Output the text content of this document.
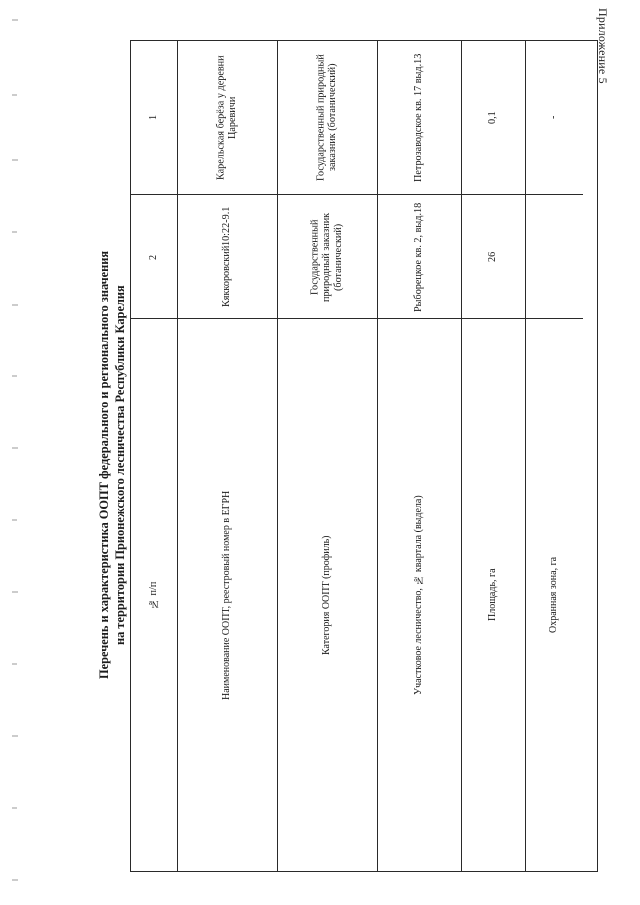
Приложение 5
Перечень и характеристика ООПТ федерального и регионального значения на территории Прионежского лесничества Республики Карелия
1
2
№ п/п
Карельская берёза у деревни Царевичи
Кяккоровский

10:22-9.1
Наименование ООПТ, реестровый номер в ЕГРН
Государственный природный заказник (ботанический)
Государственный природный заказник (ботанический)
Категория ООПТ (профиль)
Петрозаводское кв. 17 выд.13
Рыборецкое кв. 2, выд.18
Участковое лесничество, № квартала (выдела)
0,1
26
Площадь, га
-
Охранная зона, га
